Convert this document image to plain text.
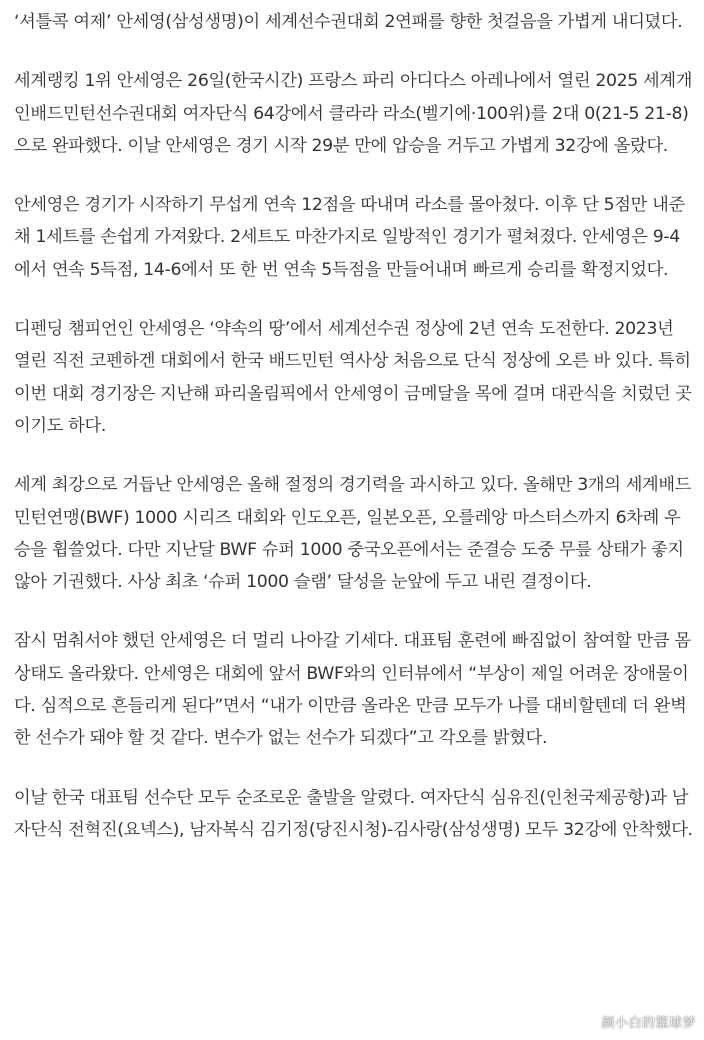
‘셔틀콕 여제’ 안세영(삼성생명)이 세계선수권대회 2연패를 향한 첫걸음을 가볍게 내디뎠다.

세계랭킹 1위 안세영은 26일(한국시간) 프랑스 파리 아디다스 아레나에서 열린 2025 세계개인배드민턴선수권대회 여자단식 64강에서 클라라 라소(벨기에·100위)를 2대 0(21-5 21-8)으로 완파했다. 이날 안세영은 경기 시작 29분 만에 압승을 거두고 가볍게 32강에 올랐다.

안세영은 경기가 시작하기 무섭게 연속 12점을 따내며 라소를 몰아쳤다. 이후 단 5점만 내준 채 1세트를 손쉽게 가져왔다. 2세트도 마찬가지로 일방적인 경기가 펼쳐졌다. 안세영은 9-4에서 연속 5득점, 14-6에서 또 한 번 연속 5득점을 만들어내며 빠르게 승리를 확정지었다.

디펜딩 챔피언인 안세영은 ‘약속의 땅’에서 세계선수권 정상에 2년 연속 도전한다. 2023년 열린 직전 코펜하겐 대회에서 한국 배드민턴 역사상 처음으로 단식 정상에 오른 바 있다. 특히 이번 대회 경기장은 지난해 파리올림픽에서 안세영이 금메달을 목에 걸며 대관식을 치렀던 곳이기도 하다.

세계 최강으로 거듭난 안세영은 올해 절정의 경기력을 과시하고 있다. 올해만 3개의 세계배드민턴연맹(BWF) 1000 시리즈 대회와 인도오픈, 일본오픈, 오를레앙 마스터스까지 6차례 우승을 휩쓸었다. 다만 지난달 BWF 슈퍼 1000 중국오픈에서는 준결승 도중 무릎 상태가 좋지 않아 기권했다. 사상 최초 ‘슈퍼 1000 슬램’ 달성을 눈앞에 두고 내린 결정이다.

잠시 멈춰서야 했던 안세영은 더 멀리 나아갈 기세다. 대표팀 훈련에 빠짐없이 참여할 만큼 몸 상태도 올라왔다. 안세영은 대회에 앞서 BWF와의 인터뷰에서 “부상이 제일 어려운 장애물이다. 심적으로 흔들리게 된다”면서 “내가 이만큼 올라온 만큼 모두가 나를 대비할텐데 더 완벽한 선수가 돼야 할 것 같다. 변수가 없는 선수가 되겠다”고 각오를 밝혔다.

이날 한국 대표팀 선수단 모두 순조로운 출발을 알렸다. 여자단식 심유진(인천국제공항)과 남자단식 전혁진(요넥스), 남자복식 김기정(당진시청)-김사랑(삼성생명) 모두 32강에 안착했다.

颜小白的篮球梦
